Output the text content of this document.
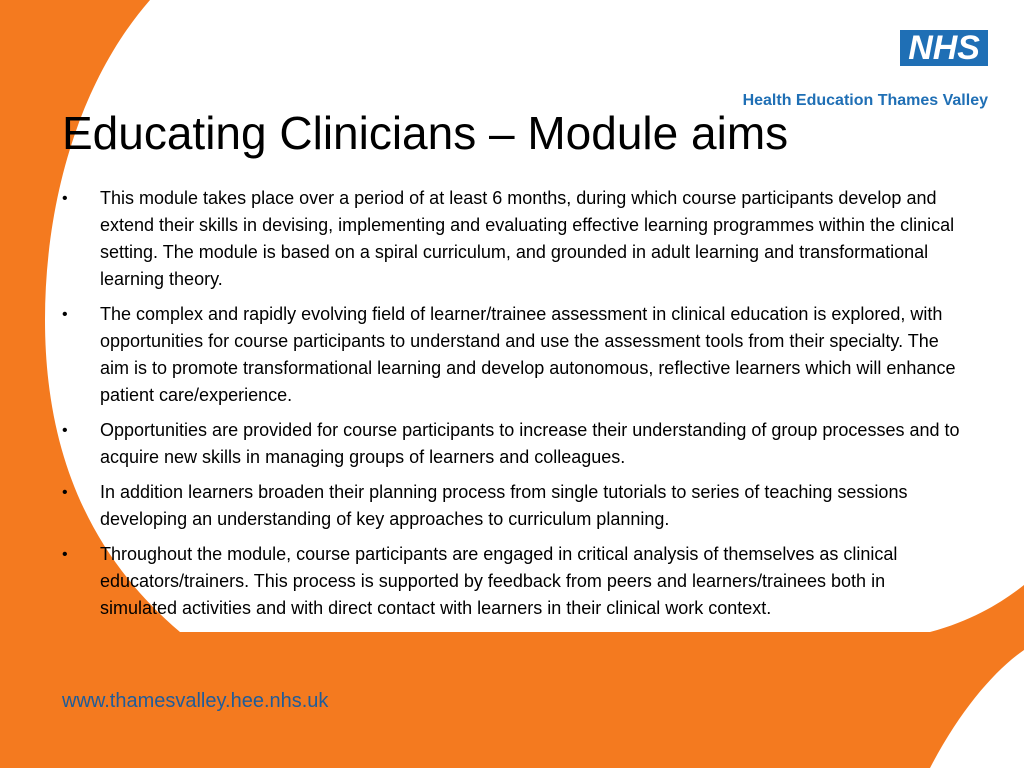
NHS
Health Education Thames Valley
Educating Clinicians – Module aims
• This module takes place over a period of at least 6 months, during which course participants develop and extend their skills in devising, implementing and evaluating effective learning programmes within the clinical setting. The module is based on a spiral curriculum, and grounded in adult learning and transformational learning theory.
• The complex and rapidly evolving field of learner/trainee assessment in clinical education is explored, with opportunities for course participants to understand and use the assessment tools from their specialty. The aim is to promote transformational learning and develop autonomous, reflective learners which will enhance patient care/experience.
• Opportunities are provided for course participants to increase their understanding of group processes and to acquire new skills in managing groups of learners and colleagues.
• In addition learners broaden their planning process from single tutorials to series of teaching sessions developing an understanding of key approaches to curriculum planning.
• Throughout the module, course participants are engaged in critical analysis of themselves as clinical educators/trainers. This process is supported by feedback from peers and learners/trainees both in simulated activities and with direct contact with learners in their clinical work context.
www.thamesvalley.hee.nhs.uk
